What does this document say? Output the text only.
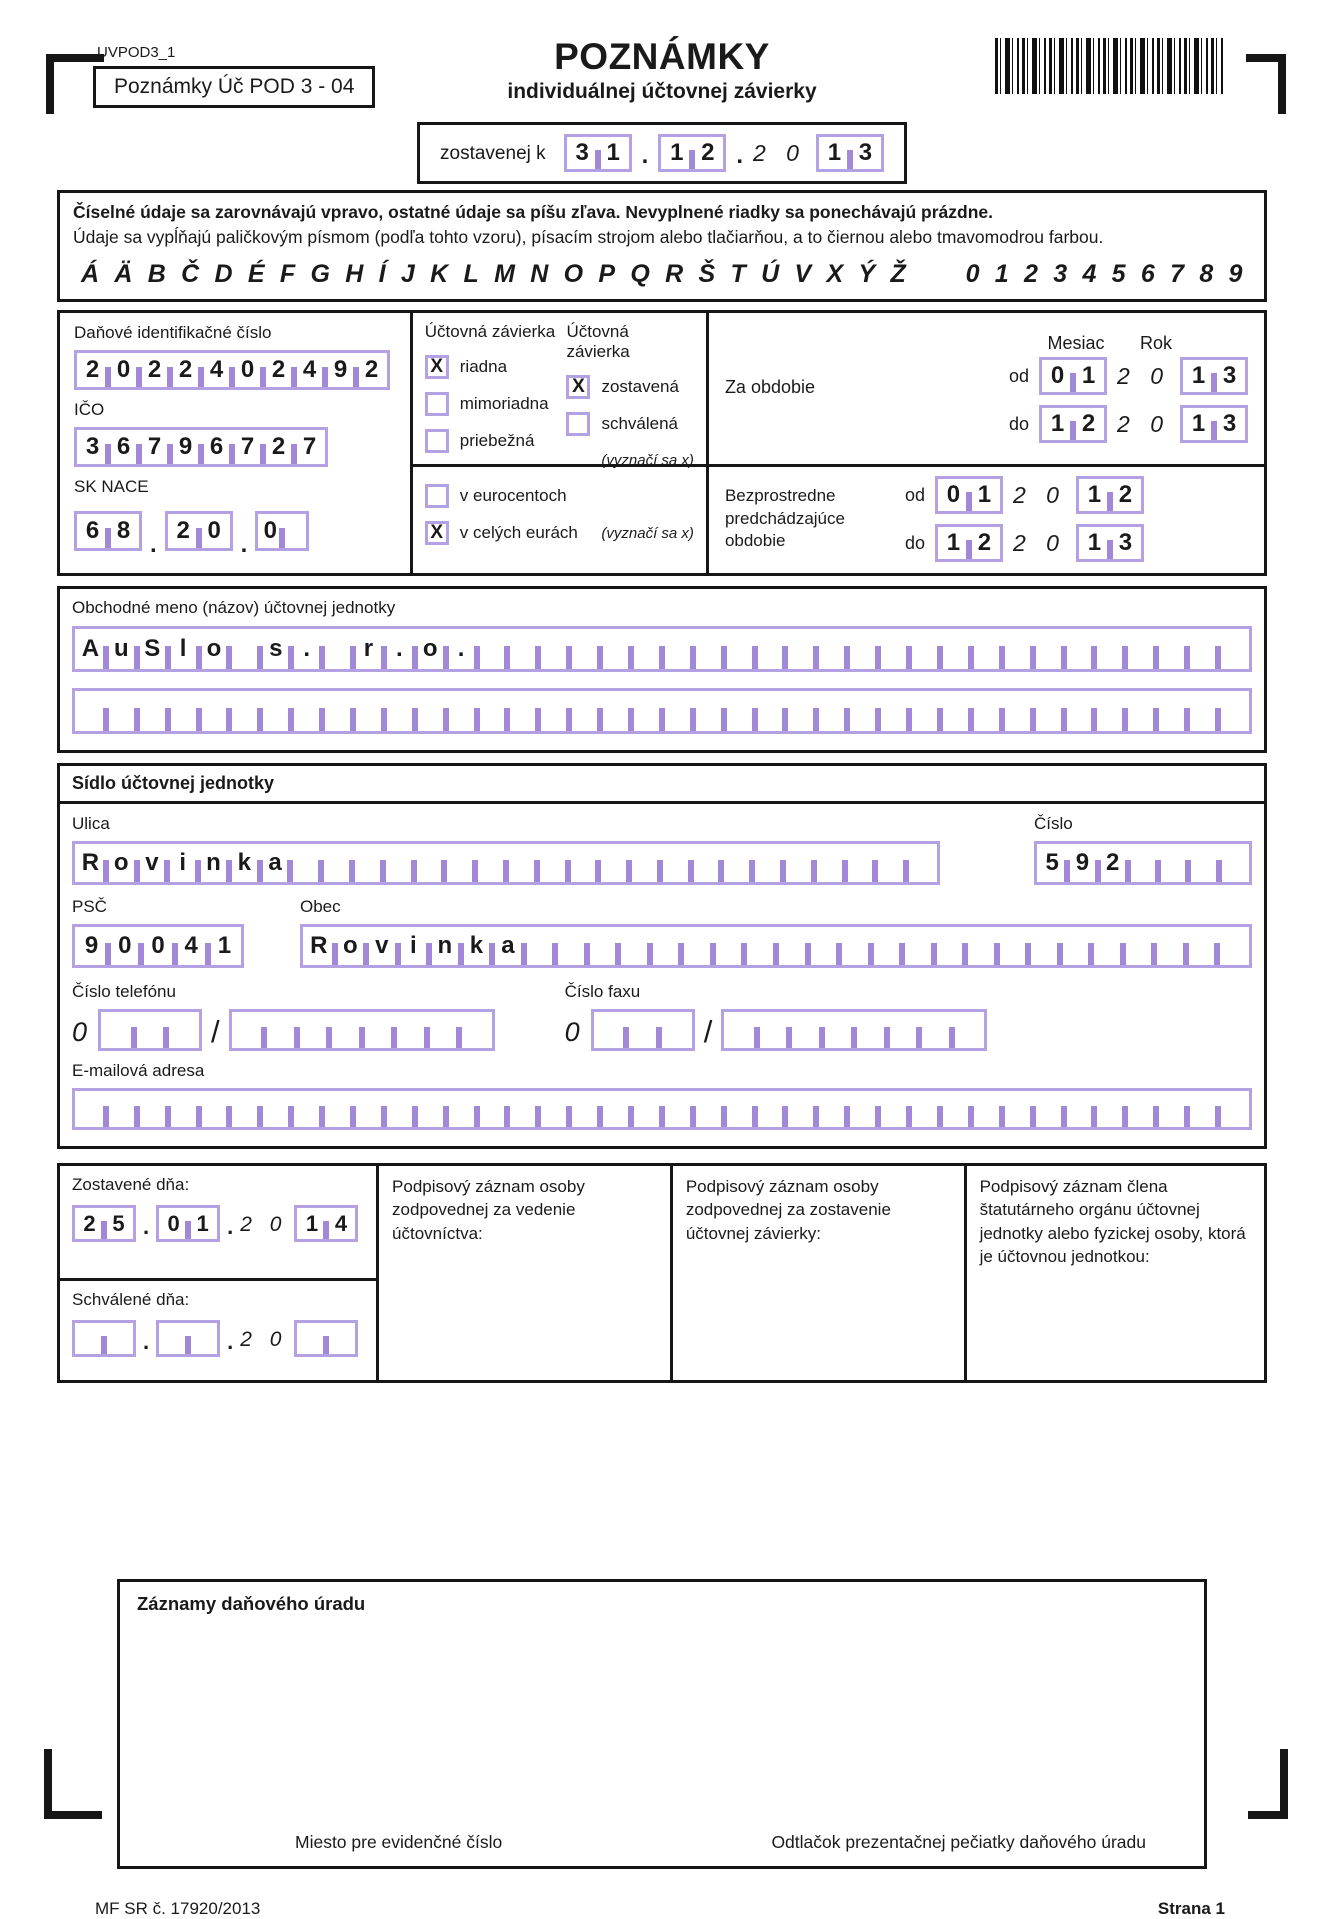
UVPOD3_1
Poznámky Úč POD 3 - 04
POZNÁMKY
individuálnej účtovnej závierky
zostavenej k	3 1 . 1 2 . 2 0 1 3
Číselné údaje sa zarovnávajú vpravo, ostatné údaje sa píšu zľava. Nevyplnené riadky sa ponechávajú prázdne.
Údaje sa vypĺňajú paličkovým písmom (podľa tohto vzoru), písacím strojom alebo tlačiarňou, a to čiernou alebo tmavomodrou farbou.
Á Ä B Č D É F G H Í J K L M N O P Q R Š T Ú V X Ý Ž

0 1 2 3 4 5 6 7 8 9
Daňové identifikačné číslo
2 0 2 2 4 0 2 4 9 2
IČO
3 6 7 9 6 7 2 7
SK NACE
6 8
.
2 0
.
0
Účtovná závierka
X riadna
mimoriadna
priebežná
Účtovná závierka
X zostavená
schválená
(vyznačí sa x)
v eurocentoch
X v celých eurách (vyznačí sa x)
Za obdobie
Mesiac	Rok
od 0 1 2 0 1 3
do 1 2 2 0 1 3
Bezprostredne predchádzajúce obdobie
od 0 1 2 0 1 2
do 1 2 2 0 1 3
Obchodné meno (názov) účtovnej jednotky
A u S l o	s .	r . o .
Sídlo účtovnej jednotky
Ulica
R o v i n k a
Číslo
5 9 2
PSČ
9 0 0 4 1
Obec
R o v i n k a
Číslo telefónu
0	/
Číslo faxu
0	/
E-mailová adresa
Zostavené dňa:
2 5 . 0 1 . 2 0 1 4
Schválené dňa:
.	. 2 0
Podpisový záznam osoby zodpovednej za vedenie účtovníctva:
Podpisový záznam osoby zodpovednej za zostavenie účtovnej závierky:
Podpisový záznam člena štatutárneho orgánu účtovnej jednotky alebo fyzickej osoby, ktorá je účtovnou jednotkou:
Záznamy daňového úradu
Miesto pre evidenčné číslo	Odtlačok prezentačnej pečiatky daňového úradu
MF SR č. 17920/2013	Strana 1
